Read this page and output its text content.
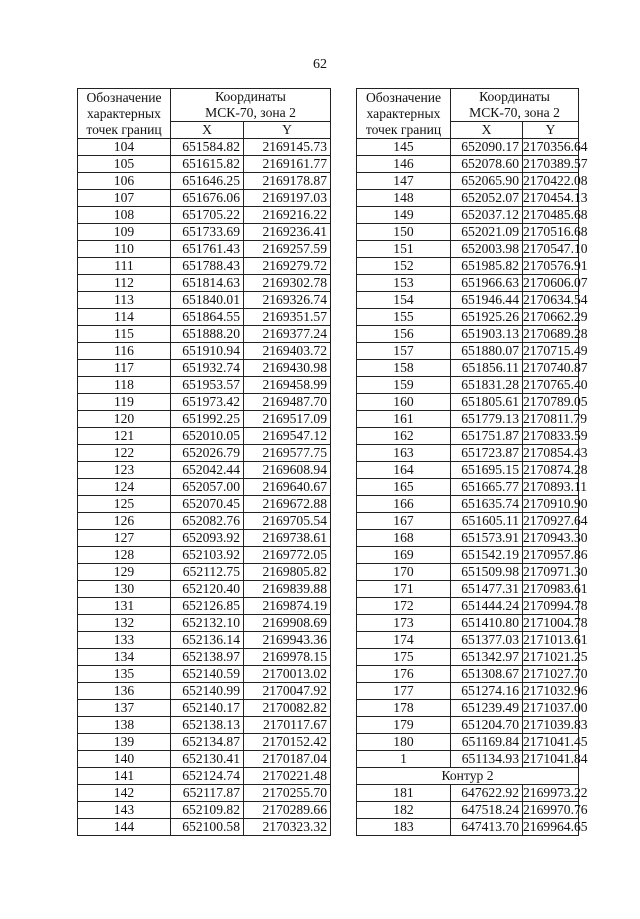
62
Обозначение
характерных
точек границ	Координаты	
	МСК-70, зона 2	
	X	Y
104	651584.82	2169145.73
105	651615.82	2169161.77
106	651646.25	2169178.87
107	651676.06	2169197.03
108	651705.22	2169216.22
109	651733.69	2169236.41
110	651761.43	2169257.59
111	651788.43	2169279.72
112	651814.63	2169302.78
113	651840.01	2169326.74
114	651864.55	2169351.57
115	651888.20	2169377.24
116	651910.94	2169403.72
117	651932.74	2169430.98
118	651953.57	2169458.99
119	651973.42	2169487.70
120	651992.25	2169517.09
121	652010.05	2169547.12
122	652026.79	2169577.75
123	652042.44	2169608.94
124	652057.00	2169640.67
125	652070.45	2169672.88
126	652082.76	2169705.54
127	652093.92	2169738.61
128	652103.92	2169772.05
129	652112.75	2169805.82
130	652120.40	2169839.88
131	652126.85	2169874.19
132	652132.10	2169908.69
133	652136.14	2169943.36
134	652138.97	2169978.15
135	652140.59	2170013.02
136	652140.99	2170047.92
137	652140.17	2170082.82
138	652138.13	2170117.67
139	652134.87	2170152.42
140	652130.41	2170187.04
141	652124.74	2170221.48
142	652117.87	2170255.70
143	652109.82	2170289.66
144	652100.58	2170323.32
Обозначение
характерных
точек границ	Координаты	
	МСК-70, зона 2	
	X	Y
145	652090.17	2170356.64
146	652078.60	2170389.57
147	652065.90	2170422.08
148	652052.07	2170454.13
149	652037.12	2170485.68
150	652021.09	2170516.68
151	652003.98	2170547.10
152	651985.82	2170576.91
153	651966.63	2170606.07
154	651946.44	2170634.54
155	651925.26	2170662.29
156	651903.13	2170689.28
157	651880.07	2170715.49
158	651856.11	2170740.87
159	651831.28	2170765.40
160	651805.61	2170789.05
161	651779.13	2170811.79
162	651751.87	2170833.59
163	651723.87	2170854.43
164	651695.15	2170874.28
165	651665.77	2170893.11
166	651635.74	2170910.90
167	651605.11	2170927.64
168	651573.91	2170943.30
169	651542.19	2170957.86
170	651509.98	2170971.30
171	651477.31	2170983.61
172	651444.24	2170994.78
173	651410.80	2171004.78
174	651377.03	2171013.61
175	651342.97	2171021.25
176	651308.67	2171027.70
177	651274.16	2171032.96
178	651239.49	2171037.00
179	651204.70	2171039.83
180	651169.84	2171041.45
1	651134.93	2171041.84
Контур 2		
181	647622.92	2169973.22
182	647518.24	2169970.76
183	647413.70	2169964.65
